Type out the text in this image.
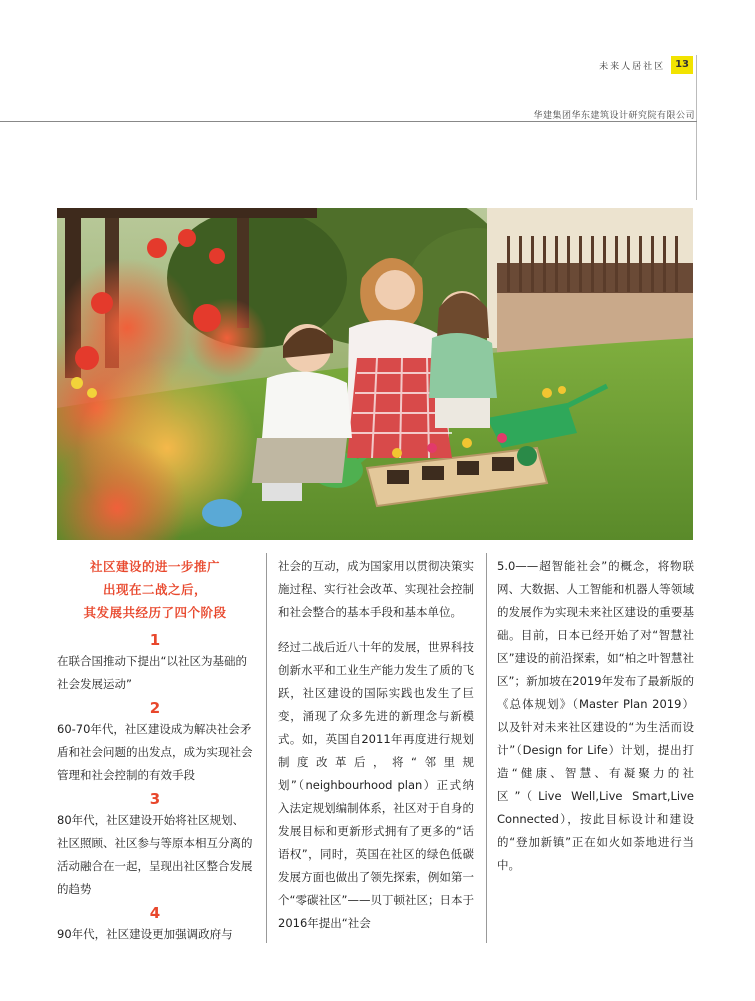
未来人居社区	13
华建集团华东建筑设计研究院有限公司

社区建设的进一步推广
出现在二战之后，
其发展共经历了四个阶段

1

在联合国推动下提出“以社区为基础的社会发展运动”

2

60-70年代，社区建设成为解决社会矛盾和社会问题的出发点，成为实现社会管理和社会控制的有效手段

3

80年代，社区建设开始将社区规划、社区照顾、社区参与等原本相互分离的活动融合在一起，呈现出社区整合发展的趋势

4

90年代，社区建设更加强调政府与

社会的互动，成为国家用以贯彻决策实施过程、实行社会改革、实现社会控制和社会整合的基本手段和基本单位。

经过二战后近八十年的发展，世界科技创新水平和工业生产能力发生了质的飞跃，社区建设的国际实践也发生了巨变，涌现了众多先进的新理念与新模式。如，英国自2011年再度进行规划制度改革后，将“邻里规划”（neighbourhood plan）正式纳入法定规划编制体系，社区对于自身的发展目标和更新形式拥有了更多的“话语权”，同时，英国在社区的绿色低碳发展方面也做出了领先探索，例如第一个“零碳社区”——贝丁顿社区；日本于2016年提出“社会

5.0——超智能社会”的概念，将物联网、大数据、人工智能和机器人等领域的发展作为实现未来社区建设的重要基础。目前，日本已经开始了对“智慧社区”建设的前沿探索，如“柏之叶智慧社区”；新加坡在2019年发布了最新版的《总体规划》（Master Plan 2019）以及针对未来社区建设的“为生活而设计”（Design for Life）计划，提出打造“健康、智慧、有凝聚力的社区”（Live Well,Live Smart,Live Connected），按此目标设计和建设的“登加新镇”正在如火如荼地进行当中。
